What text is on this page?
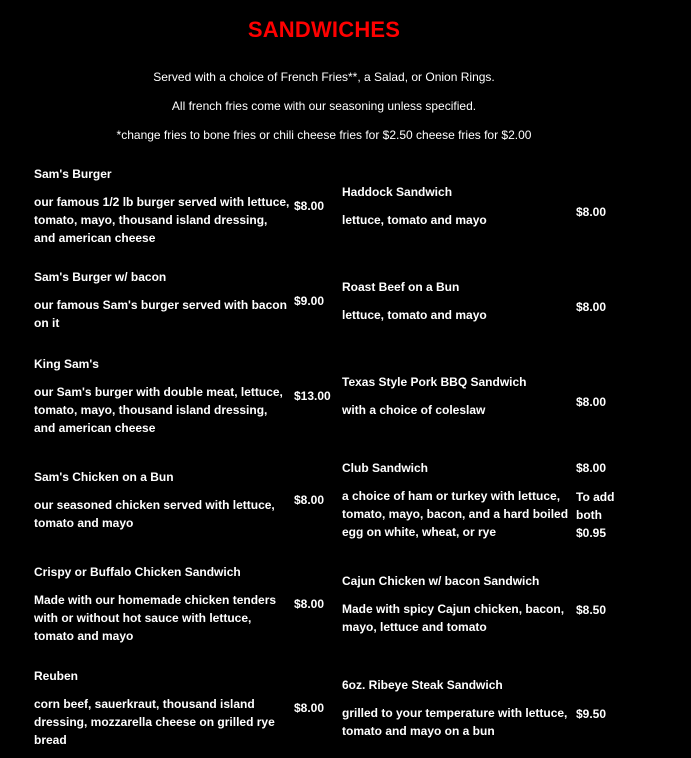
SANDWICHES
Served with a choice of French Fries**, a Salad, or Onion Rings.
All french fries come with our seasoning unless specified.
*change fries to bone fries or chili cheese fries for $2.50 cheese fries for $2.00
Sam's Burger
our famous 1/2 lb burger served with lettuce, tomato, mayo, thousand island dressing, and american cheese
$8.00
Sam's Burger w/ bacon
our famous Sam's burger served with bacon on it
$9.00
King Sam's
our Sam's burger with double meat, lettuce, tomato, mayo, thousand island dressing, and american cheese
$13.00
Sam's Chicken on a Bun
our seasoned chicken served with lettuce, tomato and mayo
$8.00
Crispy or Buffalo Chicken Sandwich
Made with our homemade chicken tenders with or without hot sauce with lettuce, tomato and mayo
$8.00
Reuben
corn beef, sauerkraut, thousand island dressing, mozzarella cheese on grilled rye bread
$8.00
Haddock Sandwich
lettuce, tomato and mayo
$8.00
Roast Beef on a Bun
lettuce, tomato and mayo
$8.00
Texas Style Pork BBQ Sandwich
with a choice of coleslaw
$8.00
Club Sandwich
a choice of ham or turkey with lettuce, tomato, mayo, bacon, and a hard boiled egg on white, wheat, or rye
$8.00
To add
both
$0.95
Cajun Chicken w/ bacon Sandwich
Made with spicy Cajun chicken, bacon, mayo, lettuce and tomato
$8.50
6oz. Ribeye Steak Sandwich
grilled to your temperature with lettuce, tomato and mayo on a bun
$9.50
